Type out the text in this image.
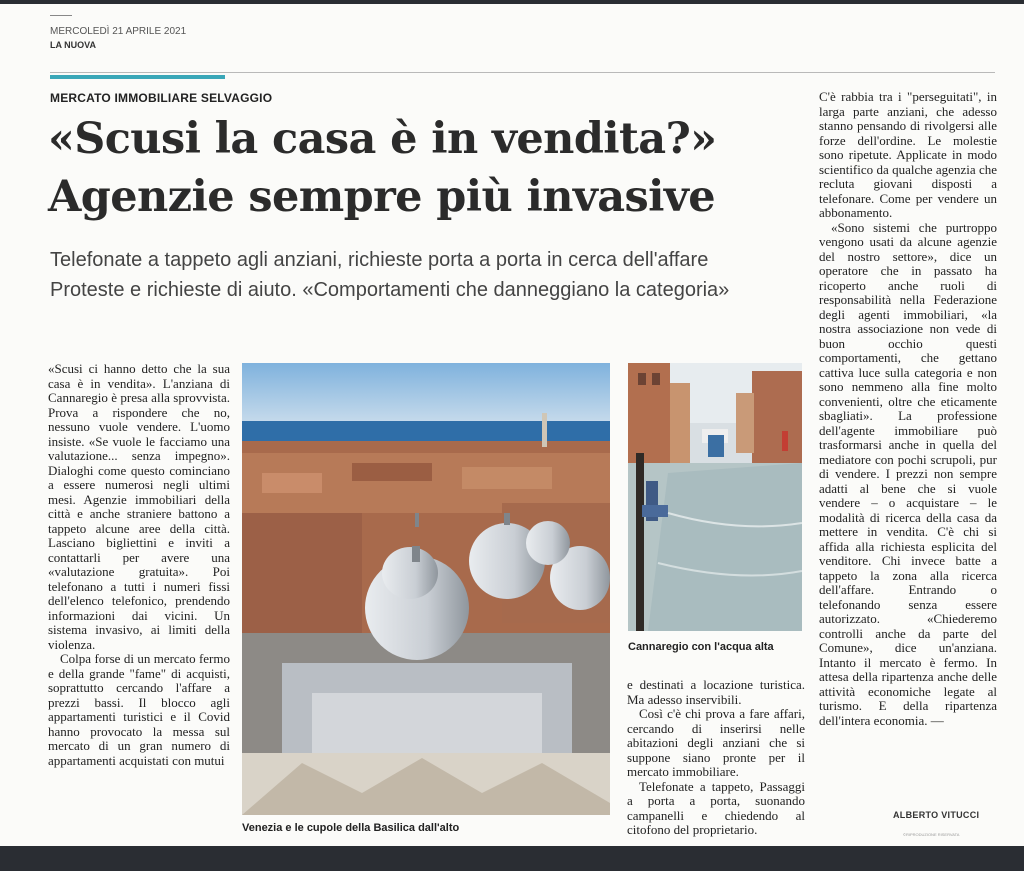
MERCOLEDÌ 21 APRILE 2021
LA NUOVA
MERCATO IMMOBILIARE SELVAGGIO
«Scusi la casa è in vendita?»
Agenzie sempre più invasive
Telefonate a tappeto agli anziani, richieste porta a porta in cerca dell'affare
Proteste e richieste di aiuto. «Comportamenti che danneggiano la categoria»

«Scusi ci hanno detto che la sua casa è in vendita». L'anziana di Cannaregio è presa alla sprovvista. Prova a rispondere che no, nessuno vuole vendere. L'uomo insiste. «Se vuole le facciamo una valutazione... senza impegno». Dialoghi come questo cominciano a essere numerosi negli ultimi mesi. Agenzie immobiliari della città e anche straniere battono a tappeto alcune aree della città. Lasciano bigliettini e inviti a contattarli per avere una «valutazione gratuita». Poi telefonano a tutti i numeri fissi dell'elenco telefonico, prendendo informazioni dai vicini. Un sistema invasivo, ai limiti della violenza.

Colpa forse di un mercato fermo e della grande "fame" di acquisti, soprattutto cercando l'affare a prezzi bassi. Il blocco agli appartamenti turistici e il Covid hanno provocato la messa sul mercato di un gran numero di appartamenti acquistati con mutui

Venezia e le cupole della Basilica dall'alto
Cannaregio con l'acqua alta

e destinati a locazione turistica. Ma adesso inservibili.

Così c'è chi prova a fare affari, cercando di inserirsi nelle abitazioni degli anziani che si suppone siano pronte per il mercato immobiliare.

Telefonate a tappeto, Passaggi a porta a porta, suonando campanelli e chiedendo al citofono del proprietario.

C'è rabbia tra i "perseguitati", in larga parte anziani, che adesso stanno pensando di rivolgersi alle forze dell'ordine. Le molestie sono ripetute. Applicate in modo scientifico da qualche agenzia che recluta giovani disposti a telefonare. Come per vendere un abbonamento.

«Sono sistemi che purtroppo vengono usati da alcune agenzie del nostro settore», dice un operatore che in passato ha ricoperto anche ruoli di responsabilità nella Federazione degli agenti immobiliari, «la nostra associazione non vede di buon occhio questi comportamenti, che gettano cattiva luce sulla categoria e non sono nemmeno alla fine molto convenienti, oltre che eticamente sbagliati». La professione dell'agente immobiliare può trasformarsi anche in quella del mediatore con pochi scrupoli, pur di vendere. I prezzi non sempre adatti al bene che si vuole vendere – o acquistare – le modalità di ricerca della casa da mettere in vendita. C'è chi si affida alla richiesta esplicita del venditore. Chi invece batte a tappeto la zona alla ricerca dell'affare. Entrando o telefonando senza essere autorizzato. «Chiederemo controlli anche da parte del Comune», dice un'anziana. Intanto il mercato è fermo. In attesa della ripartenza anche delle attività economiche legate al turismo. E della ripartenza dell'intera economia. —

ALBERTO VITUCCI
©RIPRODUZIONE RISERVATA
